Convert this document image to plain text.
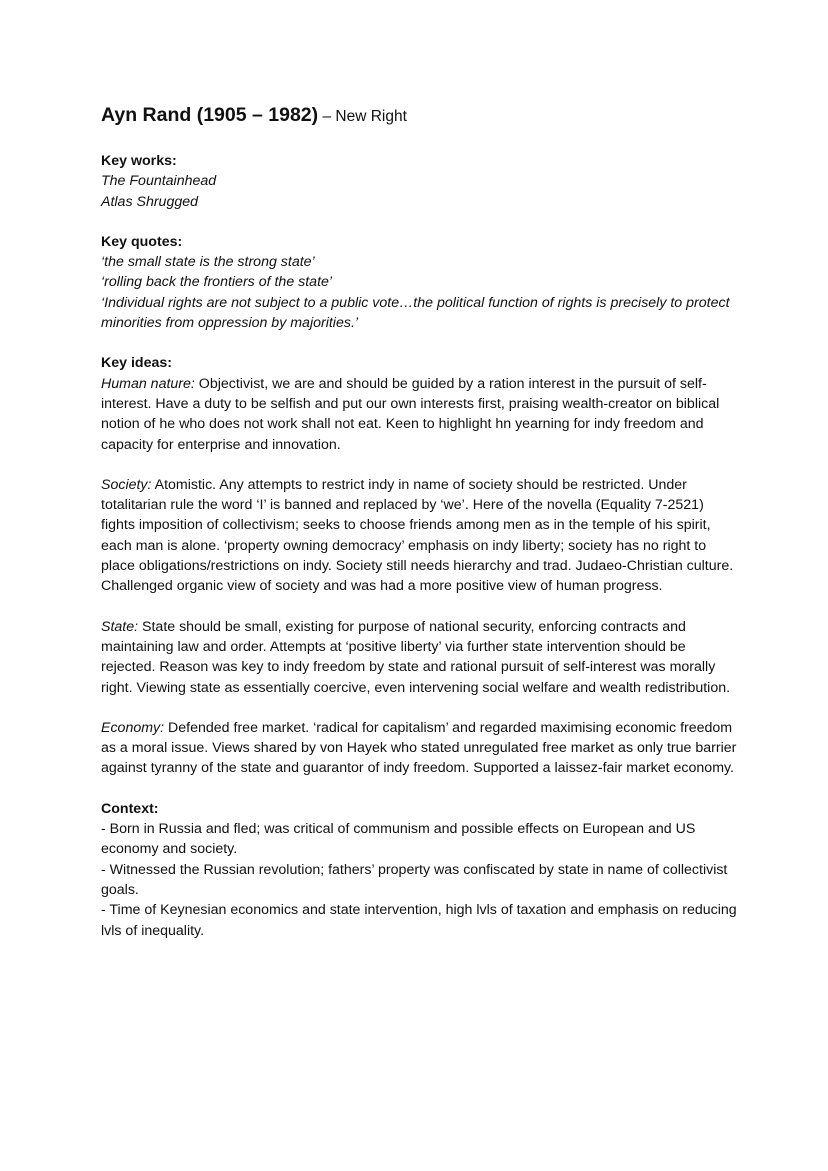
Ayn Rand (1905 – 1982) – New Right
Key works:
The Fountainhead
Atlas Shrugged
Key quotes:
‘the small state is the strong state’
‘rolling back the frontiers of the state’
‘Individual rights are not subject to a public vote…the political function of rights is precisely to protect minorities from oppression by majorities.’
Key ideas:
Human nature: Objectivist, we are and should be guided by a ration interest in the pursuit of self-interest. Have a duty to be selfish and put our own interests first, praising wealth-creator on biblical notion of he who does not work shall not eat. Keen to highlight hn yearning for indy freedom and capacity for enterprise and innovation.
Society: Atomistic. Any attempts to restrict indy in name of society should be restricted. Under totalitarian rule the word ‘I’ is banned and replaced by ‘we’. Here of the novella (Equality 7-2521) fights imposition of collectivism; seeks to choose friends among men as in the temple of his spirit, each man is alone. ‘property owning democracy’ emphasis on indy liberty; society has no right to place obligations/restrictions on indy. Society still needs hierarchy and trad. Judaeo-Christian culture. Challenged organic view of society and was had a more positive view of human progress.
State: State should be small, existing for purpose of national security, enforcing contracts and maintaining law and order. Attempts at ‘positive liberty’ via further state intervention should be rejected. Reason was key to indy freedom by state and rational pursuit of self-interest was morally right. Viewing state as essentially coercive, even intervening social welfare and wealth redistribution.
Economy: Defended free market. ‘radical for capitalism’ and regarded maximising economic freedom as a moral issue. Views shared by von Hayek who stated unregulated free market as only true barrier against tyranny of the state and guarantor of indy freedom. Supported a laissez-fair market economy.
Context:
- Born in Russia and fled; was critical of communism and possible effects on European and US economy and society.
- Witnessed the Russian revolution; fathers’ property was confiscated by state in name of collectivist goals.
- Time of Keynesian economics and state intervention, high lvls of taxation and emphasis on reducing lvls of inequality.
